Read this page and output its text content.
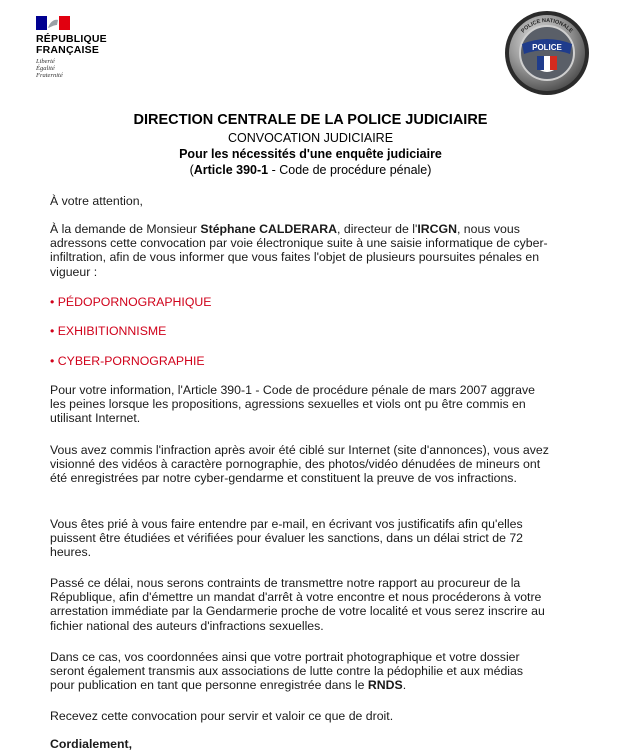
RÉPUBLIQUE
FRANÇAISE
Liberté
Égalité
Fraternité
POLICE
POLICE NATIONALE
DIRECTION CENTRALE DE LA POLICE JUDICIAIRE
CONVOCATION JUDICIAIRE
Pour les nécessités d'une enquête judiciaire
(Article 390-1 - Code de procédure pénale)

À votre attention,

À la demande de Monsieur Stéphane CALDERARA, directeur de l'IRCGN, nous vous adressons cette convocation par voie électronique suite à une saisie informatique de cyber-infiltration, afin de vous informer que vous faites l'objet de plusieurs poursuites pénales en vigueur :

• PÉDOPORNOGRAPHIQUE

• EXHIBITIONNISME

• CYBER-PORNOGRAPHIE

Pour votre information, l'Article 390-1 - Code de procédure pénale de mars 2007 aggrave les peines lorsque les propositions, agressions sexuelles et viols ont pu être commis en utilisant Internet.

Vous avez commis l'infraction après avoir été ciblé sur Internet (site d'annonces), vous avez visionné des vidéos à caractère pornographie, des photos/vidéo dénudées de mineurs ont été enregistrées par notre cyber-gendarme et constituent la preuve de vos infractions.

Vous êtes prié à vous faire entendre par e-mail, en écrivant vos justificatifs afin qu'elles puissent être étudiées et vérifiées pour évaluer les sanctions, dans un délai strict de 72 heures.

Passé ce délai, nous serons contraints de transmettre notre rapport au procureur de la République, afin d'émettre un mandat d'arrêt à votre encontre et nous procéderons à votre arrestation immédiate par la Gendarmerie proche de votre localité et vous serez inscrire au fichier national des auteurs d'infractions sexuelles.

Dans ce cas, vos coordonnées ainsi que votre portrait photographique et votre dossier seront également transmis aux associations de lutte contre la pédophilie et aux médias pour publication en tant que personne enregistrée dans le RNDS.

Recevez cette convocation pour servir et valoir ce que de droit.

Cordialement,
